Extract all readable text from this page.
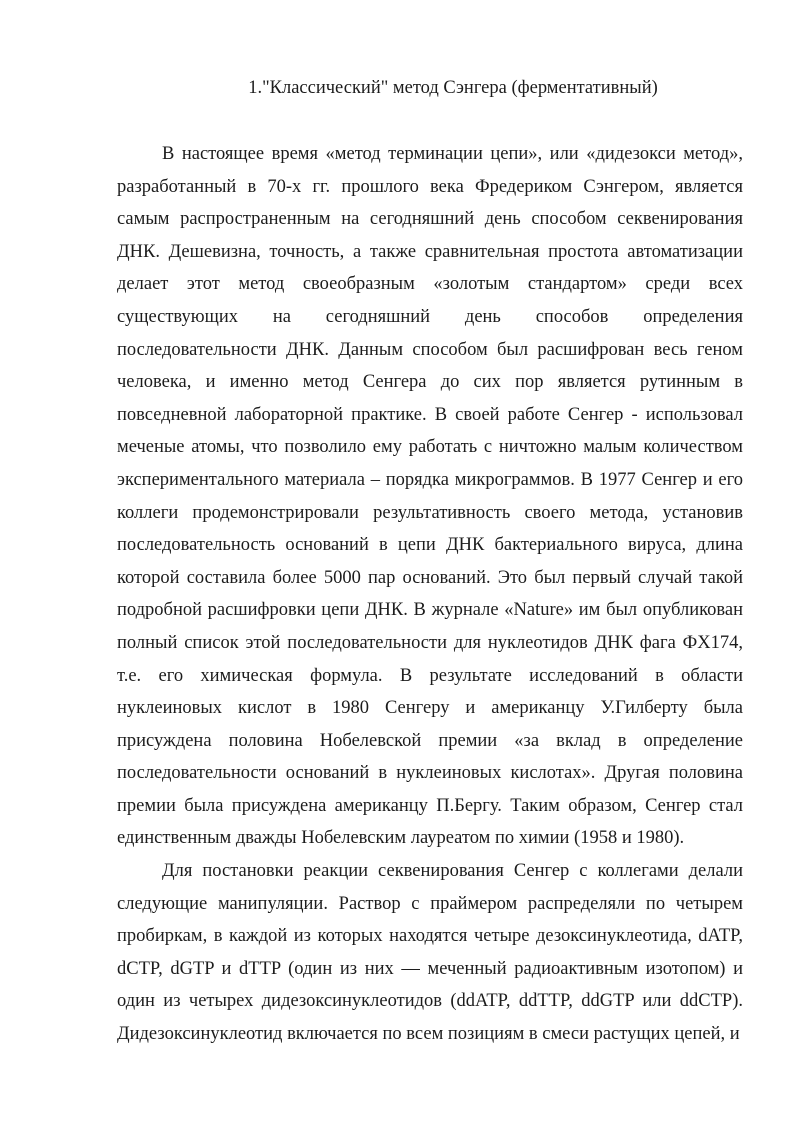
1."Классический" метод Сэнгера (ферментативный)

В настоящее время «метод терминации цепи», или «дидезокси метод», разработанный в 70-х гг. прошлого века Фредериком Сэнгером, является самым распространенным на сегодняшний день способом секвенирования ДНК. Дешевизна, точность, а также сравнительная простота автоматизации делает этот метод своеобразным «золотым стандартом» среди всех существующих на сегодняшний день способов определения последовательности ДНК. Данным способом был расшифрован весь геном человека, и именно метод Сенгера до сих пор является рутинным в повседневной лабораторной практике. В своей работе Сенгер - использовал меченые атомы, что позволило ему работать с ничтожно малым количеством экспериментального материала – порядка микрограммов. В 1977 Сенгер и его коллеги продемонстрировали результативность своего метода, установив последовательность оснований в цепи ДНК бактериального вируса, длина которой составила более 5000 пар оснований. Это был первый случай такой подробной расшифровки цепи ДНК. В журнале «Nature» им был опубликован полный список этой последовательности для нуклеотидов ДНК фага ФХ174, т.е. его химическая формула. В результате исследований в области нуклеиновых кислот в 1980 Сенгеру и американцу У.Гилберту была присуждена половина Нобелевской премии «за вклад в определение последовательности оснований в нуклеиновых кислотах». Другая половина премии была присуждена американцу П.Бергу. Таким образом, Сенгер стал единственным дважды Нобелевским лауреатом по химии (1958 и 1980).

Для постановки реакции секвенирования Сенгер с коллегами делали следующие манипуляции. Раствор с праймером распределяли по четырем пробиркам, в каждой из которых находятся четыре дезоксинуклеотида, dATP, dCTP, dGTP и dTTP (один из них — меченный радиоактивным изотопом) и один из четырех дидезоксинуклеотидов (ddATP, ddTTP, ddGTP или ddCTP). Дидезоксинуклеотид включается по всем позициям в смеси растущих цепей, и
